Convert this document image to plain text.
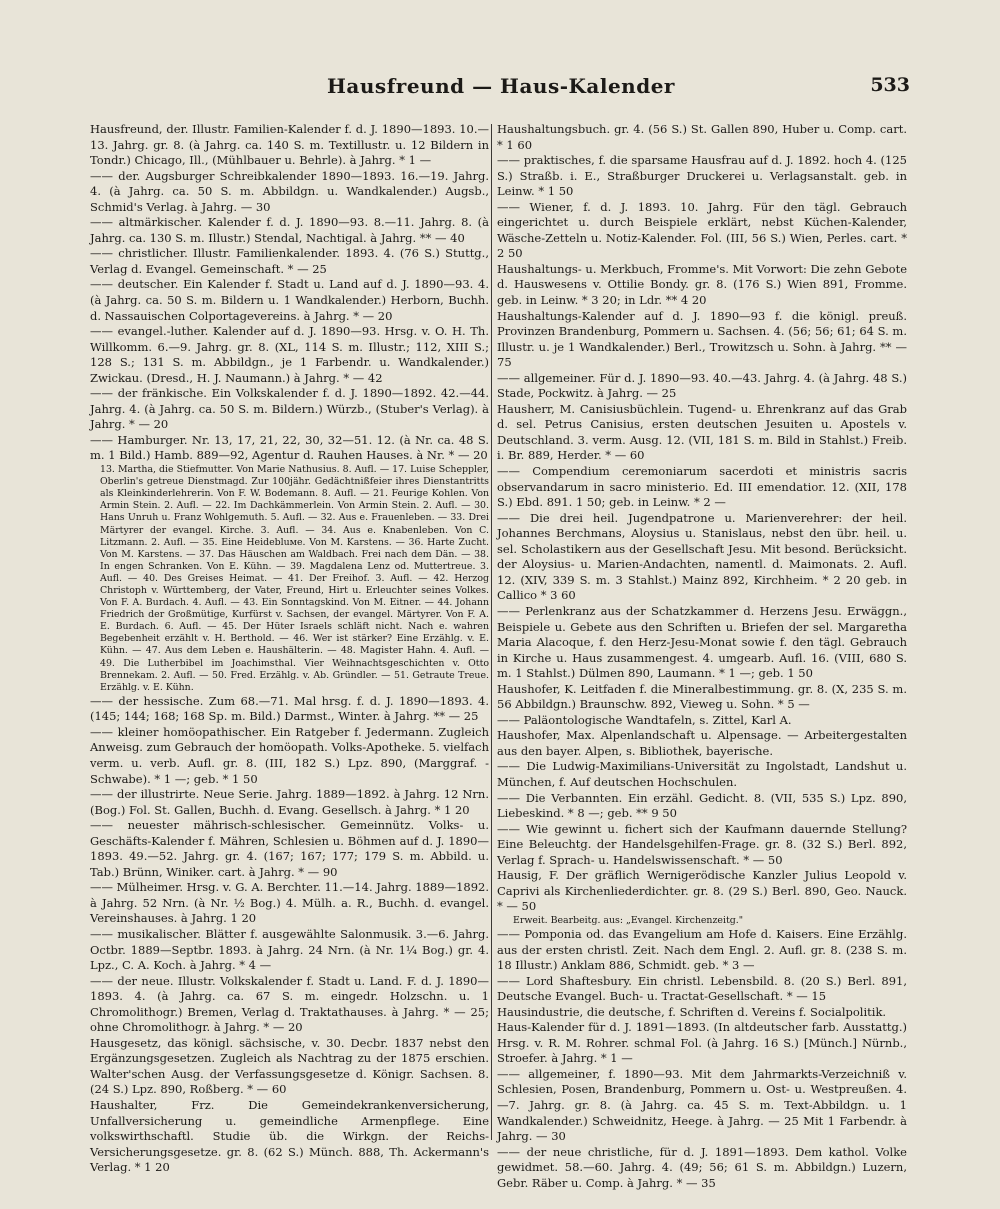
Hausfreund — Haus-Kalender	533

Hausfreund, der. Illustr. Familien-Kalender f. d. J. 1890—1893. 10.—13. Jahrg. gr. 8. (à Jahrg. ca. 140 S. m. Textillustr. u. 12 Bildern in Tondr.) Chicago, Ill., (Mühlbauer u. Behrle). à Jahrg. * 1 —

—— der. Augsburger Schreibkalender 1890—1893. 16.—19. Jahrg. 4. (à Jahrg. ca. 50 S. m. Abbildgn. u. Wandkalender.) Augsb., Schmid's Verlag. à Jahrg. — 30

—— altmärkischer. Kalender f. d. J. 1890—93. 8.—11. Jahrg. 8. (à Jahrg. ca. 130 S. m. Illustr.) Stendal, Nachtigal. à Jahrg. ** — 40

—— christlicher. Illustr. Familienkalender. 1893. 4. (76 S.) Stuttg., Verlag d. Evangel. Gemeinschaft. * — 25

—— deutscher. Ein Kalender f. Stadt u. Land auf d. J. 1890—93. 4. (à Jahrg. ca. 50 S. m. Bildern u. 1 Wandkalender.) Herborn, Buchh. d. Nassauischen Colportagevereins. à Jahrg. * — 20

—— evangel.-luther. Kalender auf d. J. 1890—93. Hrsg. v. O. H. Th. Willkomm. 6.—9. Jahrg. gr. 8. (XL, 114 S. m. Illustr.; 112, XIII S.; 128 S.; 131 S. m. Abbildgn., je 1 Farbendr. u. Wandkalender.) Zwickau. (Dresd., H. J. Naumann.) à Jahrg. * — 42

—— der fränkische. Ein Volkskalender f. d. J. 1890—1892. 42.—44. Jahrg. 4. (à Jahrg. ca. 50 S. m. Bildern.) Würzb., (Stuber's Verlag). à Jahrg. * — 20

—— Hamburger. Nr. 13, 17, 21, 22, 30, 32—51. 12. (à Nr. ca. 48 S. m. 1 Bild.) Hamb. 889—92, Agentur d. Rauhen Hauses. à Nr. * — 20

13. Martha, die Stiefmutter. Von Marie Nathusius. 8. Aufl. — 17. Luise Scheppler, Oberlin's getreue Dienstmagd. Zur 100jähr. Gedächtnißfeier ihres Dienstantritts als Kleinkinderlehrerin. Von F. W. Bodemann. 8. Aufl. — 21. Feurige Kohlen. Von Armin Stein. 2. Aufl. — 22. Im Dachkämmerlein. Von Armin Stein. 2. Aufl. — 30. Hans Unruh u. Franz Wohlgemuth. 5. Aufl. — 32. Aus e. Frauenleben. — 33. Drei Märtyrer der evangel. Kirche. 3. Aufl. — 34. Aus e. Knabenleben. Von C. Litzmann. 2. Aufl. — 35. Eine Heidebluме. Von M. Karstens. — 36. Harte Zucht. Von M. Karstens. — 37. Das Häuschen am Waldbach. Frei nach dem Dän. — 38. In engen Schranken. Von E. Kühn. — 39. Magdalena Lenz od. Muttertreue. 3. Aufl. — 40. Des Greises Heimat. — 41. Der Freihof. 3. Aufl. — 42. Herzog Christoph v. Württemberg, der Vater, Freund, Hirt u. Erleuchter seines Volkes. Von F. A. Burdach. 4. Aufl. — 43. Ein Sonntagskind. Von M. Eitner. — 44. Johann Friedrich der Großmütige, Kurfürst v. Sachsen, der evangel. Märtyrer. Von F. A. E. Burdach. 6. Aufl. — 45. Der Hüter Israels schläft nicht. Nach e. wahren Begebenheit erzählt v. H. Berthold. — 46. Wer ist stärker? Eine Erzählg. v. E. Kühn. — 47. Aus dem Leben e. Haushälterin. — 48. Magister Hahn. 4. Aufl. — 49. Die Lutherbibel im Joachimsthal. Vier Weihnachtsgeschichten v. Otto Brennekam. 2. Aufl. — 50. Fred. Erzählg. v. Ab. Gründler. — 51. Getraute Treue. Erzählg. v. E. Kühn.

—— der hessische. Zum 68.—71. Mal hrsg. f. d. J. 1890—1893. 4. (145; 144; 168; 168 Sp. m. Bild.) Darmst., Winter. à Jahrg. ** — 25

—— kleiner homöopathischer. Ein Ratgeber f. Jedermann. Zugleich Anweisg. zum Gebrauch der homöopath. Volks-Apotheke. 5. vielfach verm. u. verb. Aufl. gr. 8. (III, 182 S.) Lpz. 890, (Marggraf. - Schwabe). * 1 —; geb. * 1 50

—— der illustrirte. Neue Serie. Jahrg. 1889—1892. à Jahrg. 12 Nrn. (Bog.) Fol. St. Gallen, Buchh. d. Evang. Gesellsch. à Jahrg. * 1 20

—— neuester mährisch-schlesischer. Gemeinnütz. Volks- u. Geschäfts-Kalender f. Mähren, Schlesien u. Böhmen auf d. J. 1890—1893. 49.—52. Jahrg. gr. 4. (167; 167; 177; 179 S. m. Abbild. u. Tab.) Brünn, Winiker. cart. à Jahrg. * — 90

—— Mülheimer. Hrsg. v. G. A. Berchter. 11.—14. Jahrg. 1889—1892. à Jahrg. 52 Nrn. (à Nr. ½ Bog.) 4. Mülh. a. R., Buchh. d. evangel. Vereinshauses. à Jahrg. 1 20

—— musikalischer. Blätter f. ausgewählte Salonmusik. 3.—6. Jahrg. Octbr. 1889—Septbr. 1893. à Jahrg. 24 Nrn. (à Nr. 1¼ Bog.) gr. 4. Lpz., C. A. Koch. à Jahrg. * 4 —

—— der neue. Illustr. Volkskalender f. Stadt u. Land. F. d. J. 1890—1893. 4. (à Jahrg. ca. 67 S. m. eingedr. Holzschn. u. 1 Chromolithogr.) Bremen, Verlag d. Traktathauses. à Jahrg. * — 25; ohne Chromolithogr. à Jahrg. * — 20

Hausgesetz, das königl. sächsische, v. 30. Decbr. 1837 nebst den Ergänzungsgesetzen. Zugleich als Nachtrag zu der 1875 erschien. Walter'schen Ausg. der Verfassungsgesetze d. Königr. Sachsen. 8. (24 S.) Lpz. 890, Roßberg. * — 60

Haushalter, Frz. Die Gemeindekrankenversicherung, Unfallversicherung u. gemeindliche Armenpflege. Eine volkswirthschaftl. Studie üb. die Wirkgn. der Reichs-Versicherungsgesetze. gr. 8. (62 S.) Münch. 888, Th. Ackermann's Verlag. * 1 20

Haushaltungsbuch. gr. 4. (56 S.) St. Gallen 890, Huber u. Comp. cart. * 1 60

—— praktisches, f. die sparsame Hausfrau auf d. J. 1892. hoch 4. (125 S.) Straßb. i. E., Straßburger Druckerei u. Verlagsanstalt. geb. in Leinw. * 1 50

—— Wiener, f. d. J. 1893. 10. Jahrg. Für den tägl. Gebrauch eingerichtet u. durch Beispiele erklärt, nebst Küchen-Kalender, Wäsche-Zetteln u. Notiz-Kalender. Fol. (III, 56 S.) Wien, Perles. cart. * 2 50

Haushaltungs- u. Merkbuch, Fromme's. Mit Vorwort: Die zehn Gebote d. Hauswesens v. Ottilie Bondy. gr. 8. (176 S.) Wien 891, Fromme. geb. in Leinw. * 3 20; in Ldr. ** 4 20

Haushaltungs-Kalender auf d. J. 1890—93 f. die königl. preuß. Provinzen Brandenburg, Pommern u. Sachsen. 4. (56; 56; 61; 64 S. m. Illustr. u. je 1 Wandkalender.) Berl., Trowitzsch u. Sohn. à Jahrg. ** — 75

—— allgemeiner. Für d. J. 1890—93. 40.—43. Jahrg. 4. (à Jahrg. 48 S.) Stade, Pockwitz. à Jahrg. — 25

Hausherr, M. Canisiusbüchlein. Tugend- u. Ehrenkranz auf das Grab d. sel. Petrus Canisius, ersten deutschen Jesuiten u. Apostels v. Deutschland. 3. verm. Ausg. 12. (VII, 181 S. m. Bild in Stahlst.) Freib. i. Br. 889, Herder. * — 60

—— Compendium ceremoniarum sacerdoti et ministris sacris observandarum in sacro ministerio. Ed. III emendatior. 12. (XII, 178 S.) Ebd. 891. 1 50; geb. in Leinw. * 2 —

—— Die drei heil. Jugendpatrone u. Marienverehrer: der heil. Johannes Berchmans, Aloysius u. Stanislaus, nebst den übr. heil. u. sel. Scholastikern aus der Gesellschaft Jesu. Mit besond. Berücksicht. der Aloysius- u. Marien-Andachten, namentl. d. Maimonats. 2. Aufl. 12. (XIV, 339 S. m. 3 Stahlst.) Mainz 892, Kirchheim. * 2 20 geb. in Callico * 3 60

—— Perlenkranz aus der Schatzkammer d. Herzens Jesu. Erwäggn., Beispiele u. Gebete aus den Schriften u. Briefen der sel. Margaretha Maria Alacoque, f. den Herz-Jesu-Monat sowie f. den tägl. Gebrauch in Kirche u. Haus zusammengest. 4. umgearb. Aufl. 16. (VIII, 680 S. m. 1 Stahlst.) Dülmen 890, Laumann. * 1 —; geb. 1 50

Haushofer, K. Leitfaden f. die Mineralbestimmung. gr. 8. (X, 235 S. m. 56 Abbildgn.) Braunschw. 892, Vieweg u. Sohn. * 5 —

—— Paläontologische Wandtafeln, s. Zittel, Karl A.

Haushofer, Max. Alpenlandschaft u. Alpensage. — Arbeitergestalten aus den bayer. Alpen, s. Bibliothek, bayerische.

—— Die Ludwig-Maximilians-Universität zu Ingolstadt, Landshut u. München, f. Auf deutschen Hochschulen.

—— Die Verbannten. Ein erzähl. Gedicht. 8. (VII, 535 S.) Lpz. 890, Liebeskind. * 8 —; geb. ** 9 50

—— Wie gewinnt u. fichert sich der Kaufmann dauernde Stellung? Eine Beleuchtg. der Handelsgehilfen-Frage. gr. 8. (32 S.) Berl. 892, Verlag f. Sprach- u. Handelswissenschaft. * — 50

Hausig, F. Der gräflich Wernigerödische Kanzler Julius Leopold v. Caprivi als Kirchenliederdichter. gr. 8. (29 S.) Berl. 890, Geo. Nauck. * — 50

Erweit. Bearbeitg. aus: „Evangel. Kirchenzeitg."

—— Pomponia od. das Evangelium am Hofe d. Kaisers. Eine Erzählg. aus der ersten christl. Zeit. Nach dem Engl. 2. Aufl. gr. 8. (238 S. m. 18 Illustr.) Anklam 886, Schmidt. geb. * 3 —

—— Lord Shaftesbury. Ein christl. Lebensbild. 8. (20 S.) Berl. 891, Deutsche Evangel. Buch- u. Tractat-Gesellschaft. * — 15

Hausindustrie, die deutsche, f. Schriften d. Vereins f. Socialpolitik.

Haus-Kalender für d. J. 1891—1893. (In altdeutscher farb. Ausstattg.) Hrsg. v. R. M. Rohrer. schmal Fol. (à Jahrg. 16 S.) [Münch.] Nürnb., Stroefer. à Jahrg. * 1 —

—— allgemeiner, f. 1890—93. Mit dem Jahrmarkts-Verzeichniß v. Schlesien, Posen, Brandenburg, Pommern u. Ost- u. Westpreußen. 4.—7. Jahrg. gr. 8. (à Jahrg. ca. 45 S. m. Text-Abbildgn. u. 1 Wandkalender.) Schweidnitz, Heege. à Jahrg. — 25 Mit 1 Farbendr. à Jahrg. — 30

—— der neue christliche, für d. J. 1891—1893. Dem kathol. Volke gewidmet. 58.—60. Jahrg. 4. (49; 56; 61 S. m. Abbildgn.) Luzern, Gebr. Räber u. Comp. à Jahrg. * — 35
